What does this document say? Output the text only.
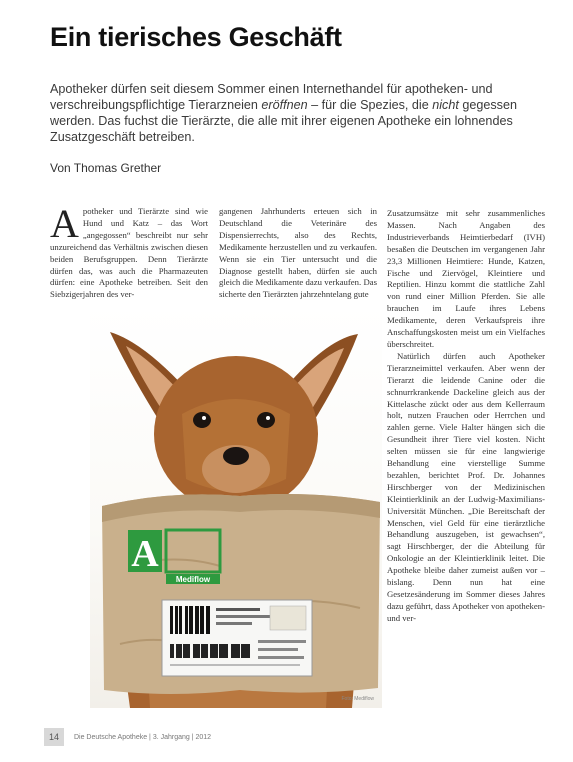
Ein tierisches Geschäft

Apotheker dürfen seit diesem Sommer einen Internethandel für apotheken- und verschreibungspflichtige Tierarzneien eröffnen – für die Spezies, die nicht gegessen werden. Das fuchst die Tierärzte, die alle mit ihrer eigenen Apotheke ein lohnendes Zusatzgeschäft betreiben.

Von Thomas Grether

A potheker und Tierärzte sind wie Hund und Katz – das Wort „angegossen“ beschreibt nur sehr unzureichend das Verhältnis zwischen diesen beiden Berufsgruppen. Denn Tierärzte dürfen das, was auch die Pharmazeuten dürfen: eine Apotheke betreiben. Seit den Siebzigerjahren des ver-

gangenen Jahrhunderts erteuen sich in Deutschland die Veterinäre des Dispensierrechts, also des Rechts, Medikamente herzustellen und zu verkaufen. Wenn sie ein Tier untersucht und die Diagnose gestellt haben, dürfen sie auch gleich die Medikamente dazu verkaufen. Das sicherte den Tierärzten jahrzehntelang gute

Zusatzumsätze mit sehr zusammenliches Massen. Nach Angaben des Industrieverbands Heimtierbedarf (IVH) besaßen die Deutschen im vergangenen Jahr 23,3 Millionen Heimtiere: Hunde, Katzen, Fische und Ziervögel, Kleintiere und Reptilien. Hinzu kommt die stattliche Zahl von rund einer Million Pferden. Sie alle brauchen im Laufe ihres Lebens Medikamente, deren Verkaufspreis ihre Anschaffungskosten meist um ein Vielfaches überschreitet.

Natürlich dürfen auch Apotheker Tierarzneimittel verkaufen. Aber wenn der Tierarzt die leidende Canine oder die schnurrkrankende Dackeline gleich aus der Kittelasche zückt oder aus dem Kellerraum holt, nutzen Frauchen oder Herrchen und zahlen gerne. Viele Halter hängen sich die Gesundheit ihrer Tiere viel kosten. Nicht selten müssen sie für eine langwierige Behandlung eine vierstellige Summe bezahlen, berichtet Prof. Dr. Johannes Hirschberger von der Medizinischen Kleintierklinik an der Ludwig-Maximilians-Universität München. „Die Bereitschaft der Menschen, viel Geld für eine tierärztliche Behandlung auszugeben, ist gewachsen“, sagt Hirschberger, der die Abteilung für Onkologie an der Kleintierklinik leitet. Die Apotheke bleibe daher zumeist außen vor – bislang. Denn nun hat eine Gesetzesänderung im Sommer dieses Jahres dazu geführt, dass Apotheker von apotheken- und ver-

A
Mediflow
Foto: Mediflow
14 Die Deutsche Apotheke | 3. Jahrgang | 2012
